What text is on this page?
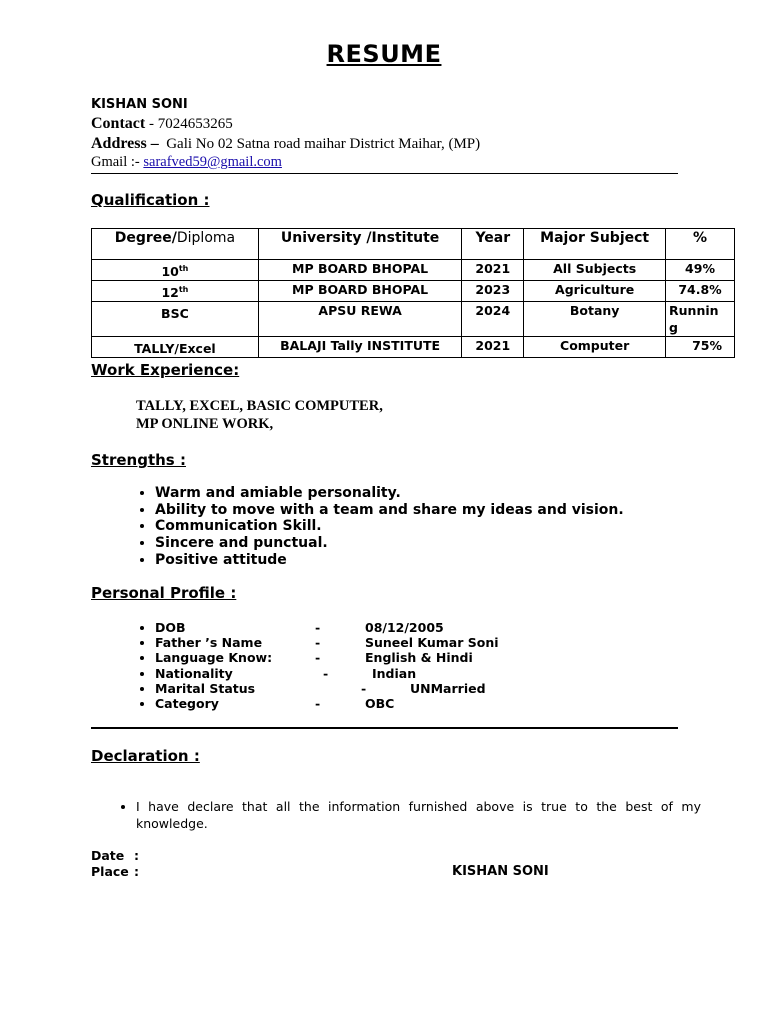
RESUME
KISHAN SONI
Contact - 7024653265
Address – Gali No 02 Satna road maihar District Maihar, (MP)
Gmail :- sarafved59@gmail.com
Qualification :
Degree/Diploma	University /Institute	Year	Major Subject	%
10th	MP BOARD BHOPAL	2021	All Subjects	49%
12th	MP BOARD BHOPAL	2023	Agriculture	74.8%
BSC	APSU REWA	2024	Botany	Runnin g
TALLY/Excel	BALAJI Tally INSTITUTE	2021	Computer	75%
Work Experience:
TALLY, EXCEL, BASIC COMPUTER,
MP ONLINE WORK,
Strengths :
• Warm and amiable personality.
• Ability to move with a team and share my ideas and vision.
• Communication Skill.
• Sincere and punctual.
• Positive attitude
Personal Profile :
DOB	-	08/12/2005
Father ’s Name	-	Suneel Kumar Soni
Language Know:	-	English & Hindi
Nationality	-	Indian
Marital Status	-	UNMarried
Category	-	OBC
Declaration :
• I have declare that all the information furnished above is true to the best of my knowledge.
Date :
Place :	KISHAN SONI
